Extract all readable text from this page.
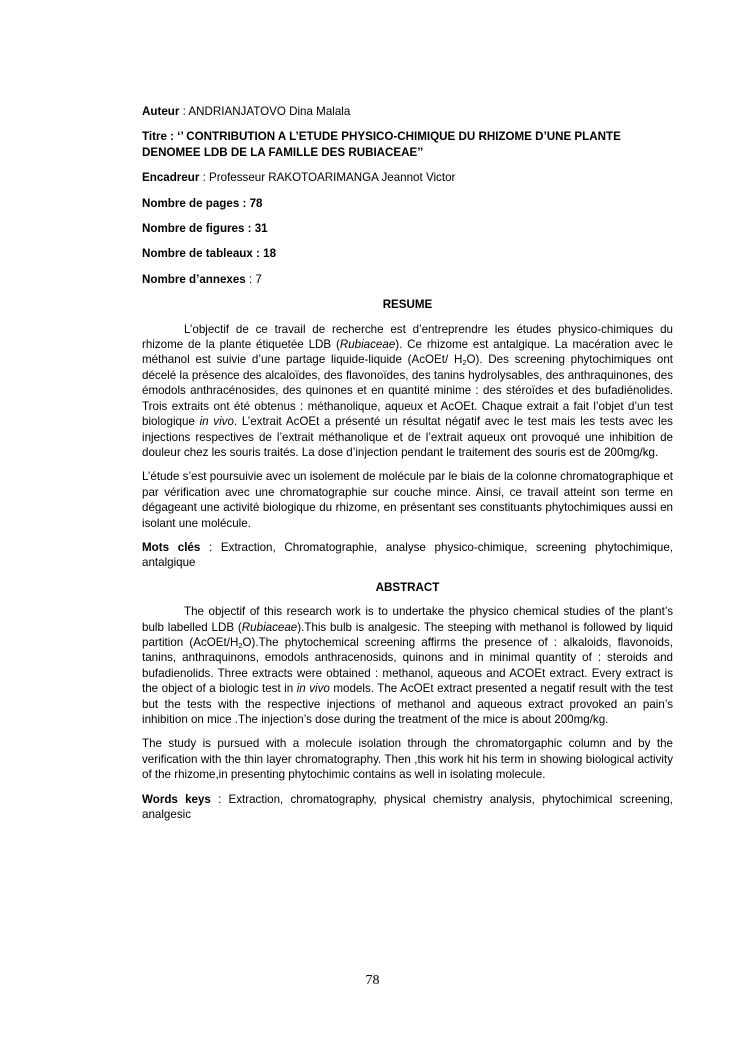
Auteur : ANDRIANJATOVO Dina Malala

Titre : ‘’ CONTRIBUTION A L’ETUDE PHYSICO-CHIMIQUE DU RHIZOME D’UNE PLANTE DENOMEE LDB DE LA FAMILLE DES RUBIACEAE’’

Encadreur : Professeur RAKOTOARIMANGA Jeannot Victor

Nombre de pages : 78

Nombre de figures : 31

Nombre de tableaux : 18

Nombre d’annexes : 7

RESUME

L’objectif de ce travail de recherche est d’entreprendre les études physico-chimiques du rhizome de la plante étiquetée LDB (Rubiaceae). Ce rhizome est antalgique. La macération avec le méthanol est suivie d’une partage liquide-liquide (AcOEt/ $H_2O$). Des screening phytochimiques ont décelé la présence des alcaloïdes, des flavonoïdes, des tanins hydrolysables, des anthraquinones, des émodols anthracénosides, des quinones et en quantité minime : des stéroïdes et des bufadiénolides. Trois extraits ont été obtenus : méthanolique, aqueux et AcOEt. Chaque extrait a fait l’objet d’un test biologique in vivo. L’extrait AcOEt a présenté un résultat négatif avec le test mais les tests avec les injections respectives de l’extrait méthanolique et de l’extrait aqueux ont provoqué une inhibition de douleur chez les souris traités. La dose d’injection pendant le traitement des souris est de 200mg/kg.

L’étude s’est poursuivie avec un isolement de molécule par le biais de la colonne chromatographique et par vérification avec une chromatographie sur couche mince. Ainsi, ce travail atteint son terme en dégageant une activité biologique du rhizome, en présentant ses constituants phytochimiques aussi en isolant une molécule.

Mots clés : Extraction, Chromatographie, analyse physico-chimique, screening phytochimique, antalgique

ABSTRACT

The objectif of this research work is to undertake the physico chemical studies of the plant’s bulb labelled LDB (Rubiaceae).This bulb is analgesic. The steeping with methanol is followed by liquid partition $(AcOEt/H_2O).The$ phytochemical screening affirms the presence of : alkaloids, flavonoids, tanins, anthraquinons, emodols anthracenosids, quinons and in minimal quantity of : steroids and bufadienolids. Three extracts were obtained : methanol, aqueous and ACOEt extract. Every extract is the object of a biologic test in in vivo models. The AcOEt extract presented a negatif result with the test but the tests with the respective injections of methanol and aqueous extract provoked an pain’s inhibition on mice .The injection’s dose during the treatment of the mice is about 200mg/kg.

The study is pursued with a molecule isolation through the chromatorgaphic column and by the verification with the thin layer chromatography. Then ,this work hit his term in showing biological activity of the rhizome,in presenting phytochimic contains as well in isolating molecule.

Words keys : Extraction, chromatography, physical chemistry analysis, phytochimical screening, analgesic

78
